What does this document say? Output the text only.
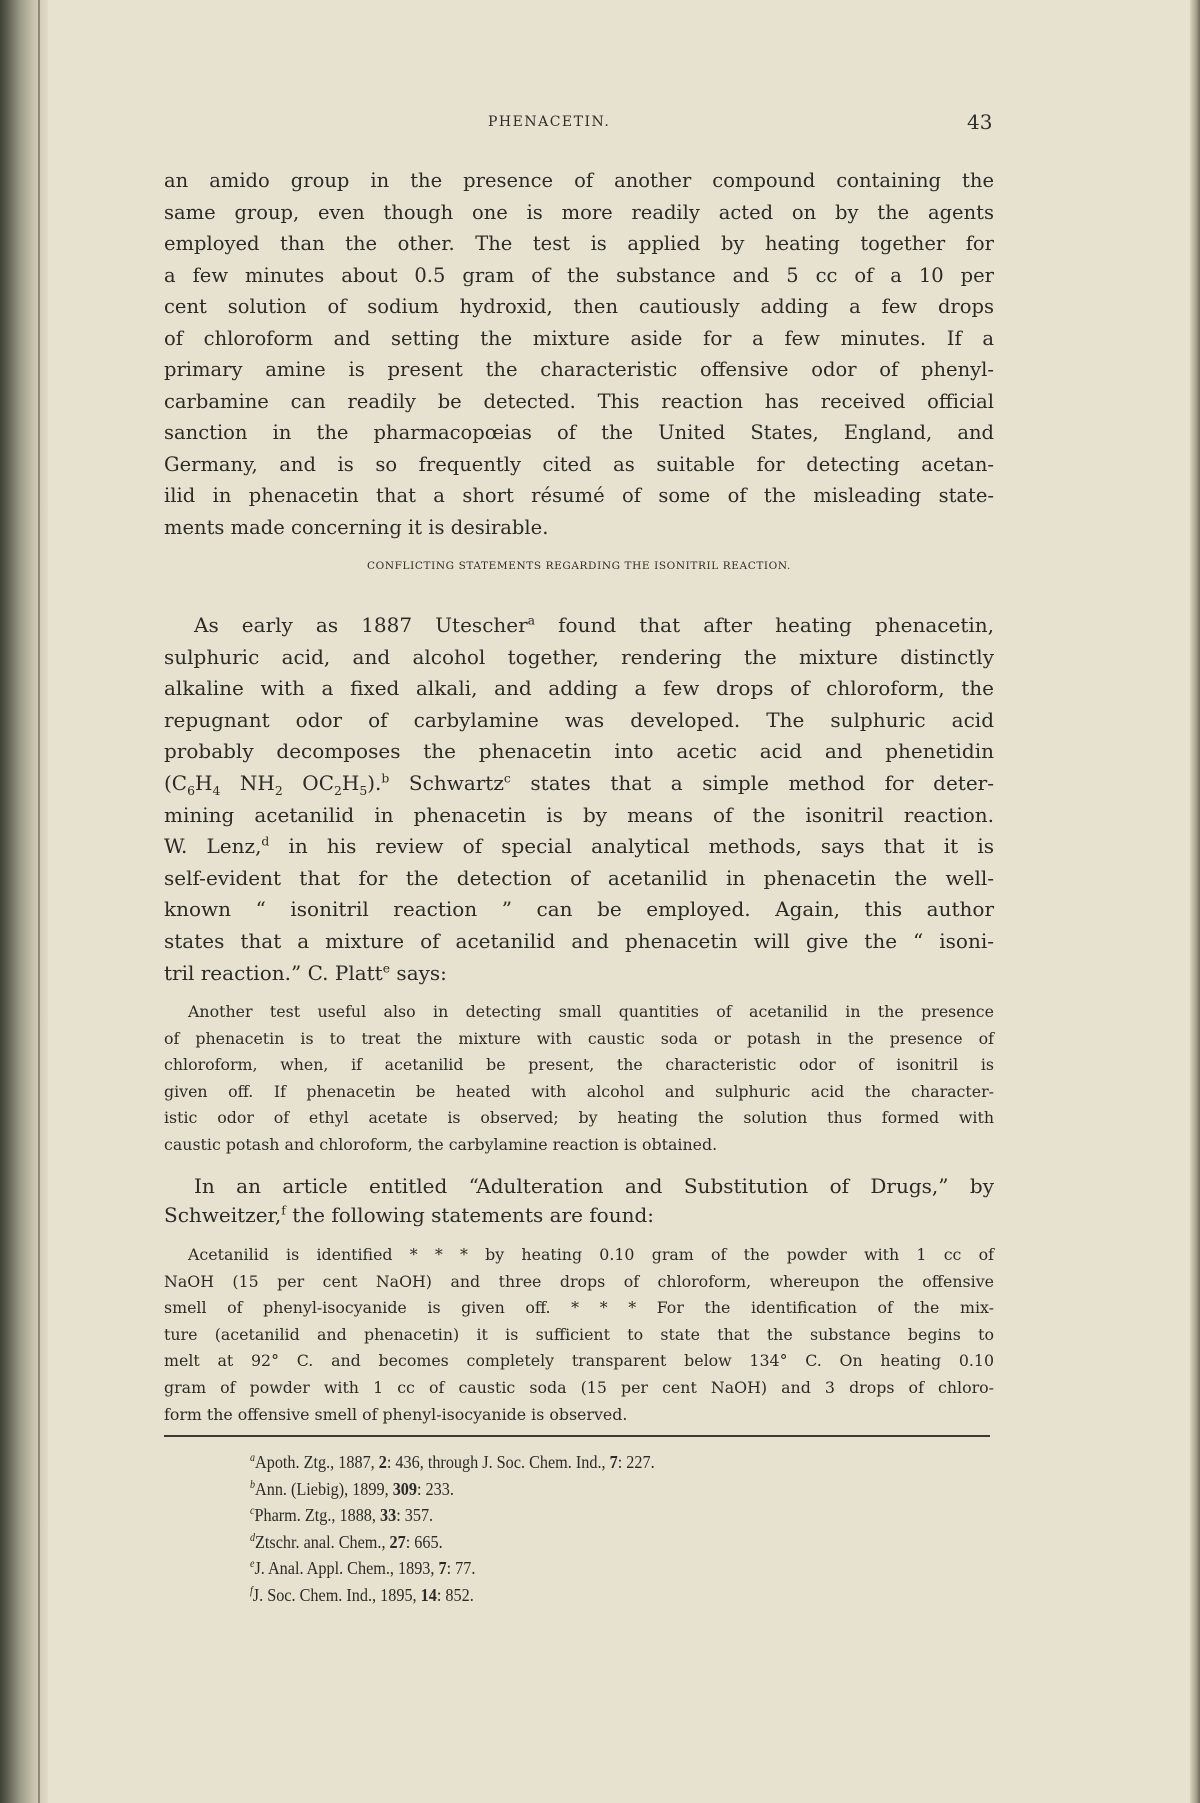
PHENACETIN.	43
an amido group in the presence of another compound containing the
same group, even though one is more readily acted on by the agents
employed than the other. The test is applied by heating together for
a few minutes about 0.5 gram of the substance and 5 cc of a 10 per
cent solution of sodium hydroxid, then cautiously adding a few drops
of chloroform and setting the mixture aside for a few minutes. If a
primary amine is present the characteristic offensive odor of phenyl-
carbamine can readily be detected. This reaction has received official
sanction in the pharmacopœias of the United States, England, and
Germany, and is so frequently cited as suitable for detecting acetan-
ilid in phenacetin that a short résumé of some of the misleading state-
ments made concerning it is desirable.
CONFLICTING STATEMENTS REGARDING THE ISONITRIL REACTION.
As early as 1887 Utescher$^a$ found that after heating phenacetin,
sulphuric acid, and alcohol together, rendering the mixture distinctly
alkaline with a fixed alkali, and adding a few drops of chloroform, the
repugnant odor of carbylamine was developed. The sulphuric acid
probably decomposes the phenacetin into acetic acid and phenetidin
($C_6H_4$ $NH_2$ $OC_2H_5).^b$ Schwartz$^c$ states that a simple method for deter-
mining acetanilid in phenacetin is by means of the isonitril reaction.
W. Lenz,$^d$ in his review of special analytical methods, says that it is
self-evident that for the detection of acetanilid in phenacetin the well-
known “ isonitril reaction ” can be employed. Again, this author
states that a mixture of acetanilid and phenacetin will give the “ isoni-
tril reaction.” C. Platt$^e$ says:
Another test useful also in detecting small quantities of acetanilid in the presence
of phenacetin is to treat the mixture with caustic soda or potash in the presence of
chloroform, when, if acetanilid be present, the characteristic odor of isonitril is
given off. If phenacetin be heated with alcohol and sulphuric acid the character-
istic odor of ethyl acetate is observed; by heating the solution thus formed with
caustic potash and chloroform, the carbylamine reaction is obtained.
In an article entitled “Adulteration and Substitution of Drugs,” by
Schweitzer,$^f$ the following statements are found:
Acetanilid is identified * * * by heating 0.10 gram of the powder with 1 cc of
NaOH (15 per cent NaOH) and three drops of chloroform, whereupon the offensive
smell of phenyl-isocyanide is given off. * * * For the identification of the mix-
ture (acetanilid and phenacetin) it is sufficient to state that the substance begins to
melt at 92° C. and becomes completely transparent below 134° C. On heating 0.10
gram of powder with 1 cc of caustic soda (15 per cent NaOH) and 3 drops of chloro-
form the offensive smell of phenyl-isocyanide is observed.
$^a$Apoth. Ztg., 1887, 2: 436, through J. Soc. Chem. Ind., 7: 227.
$^b$Ann. (Liebig), 1899, 309: 233.
$^c$Pharm. Ztg., 1888, 33: 357.
$^d$Ztschr. anal. Chem., 27: 665.
$^e$J. Anal. Appl. Chem., 1893, 7: 77.
$^f$J. Soc. Chem. Ind., 1895, 14: 852.
